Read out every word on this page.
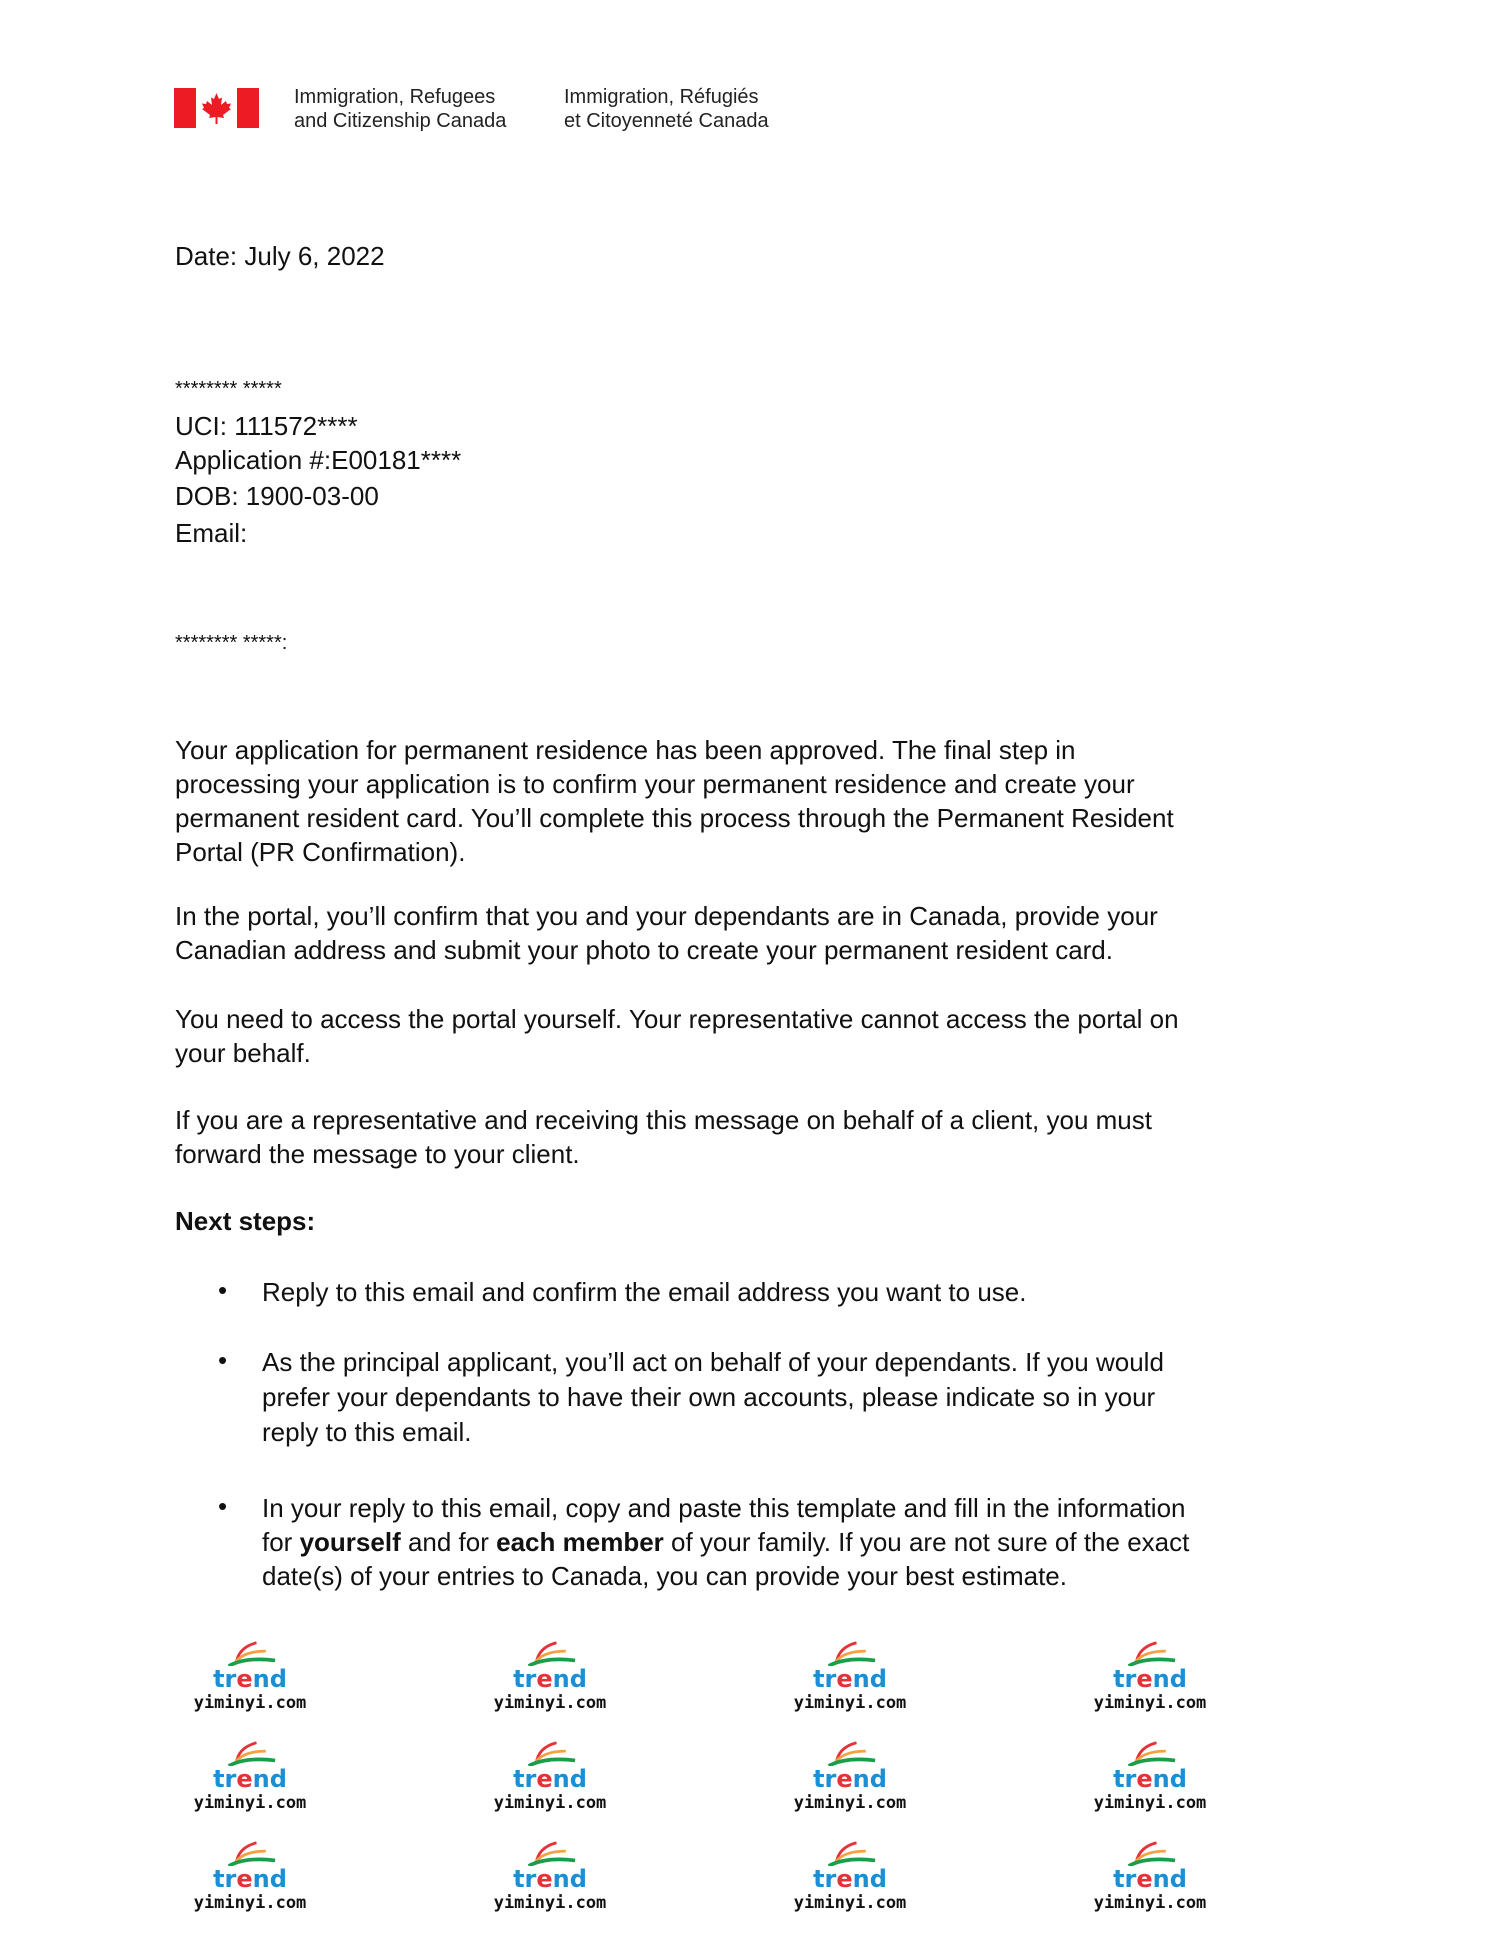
Immigration, Refugees
and Citizenship Canada
Immigration, Réfugiés
et Citoyenneté Canada
Date: July 6, 2022
******** *****
UCI: 111572****
Application #:E00181****
DOB: 1900-03-00
Email:
******** *****:
Your application for permanent residence has been approved. The final step in
processing your application is to confirm your permanent residence and create your
permanent resident card. You’ll complete this process through the Permanent Resident
Portal (PR Confirmation).
In the portal, you’ll confirm that you and your dependants are in Canada, provide your
Canadian address and submit your photo to create your permanent resident card.
You need to access the portal yourself. Your representative cannot access the portal on
your behalf.
If you are a representative and receiving this message on behalf of a client, you must
forward the message to your client.
Next steps:
• Reply to this email and confirm the email address you want to use.
• As the principal applicant, you’ll act on behalf of your dependants. If you would
prefer your dependants to have their own accounts, please indicate so in your
reply to this email.
• In your reply to this email, copy and paste this template and fill in the information
for yourself and for each member of your family. If you are not sure of the exact
date(s) of your entries to Canada, you can provide your best estimate.
trend
yiminyi.com
trend
yiminyi.com
trend
yiminyi.com
trend
yiminyi.com
trend
yiminyi.com
trend
yiminyi.com
trend
yiminyi.com
trend
yiminyi.com
trend
yiminyi.com
trend
yiminyi.com
trend
yiminyi.com
trend
yiminyi.com
